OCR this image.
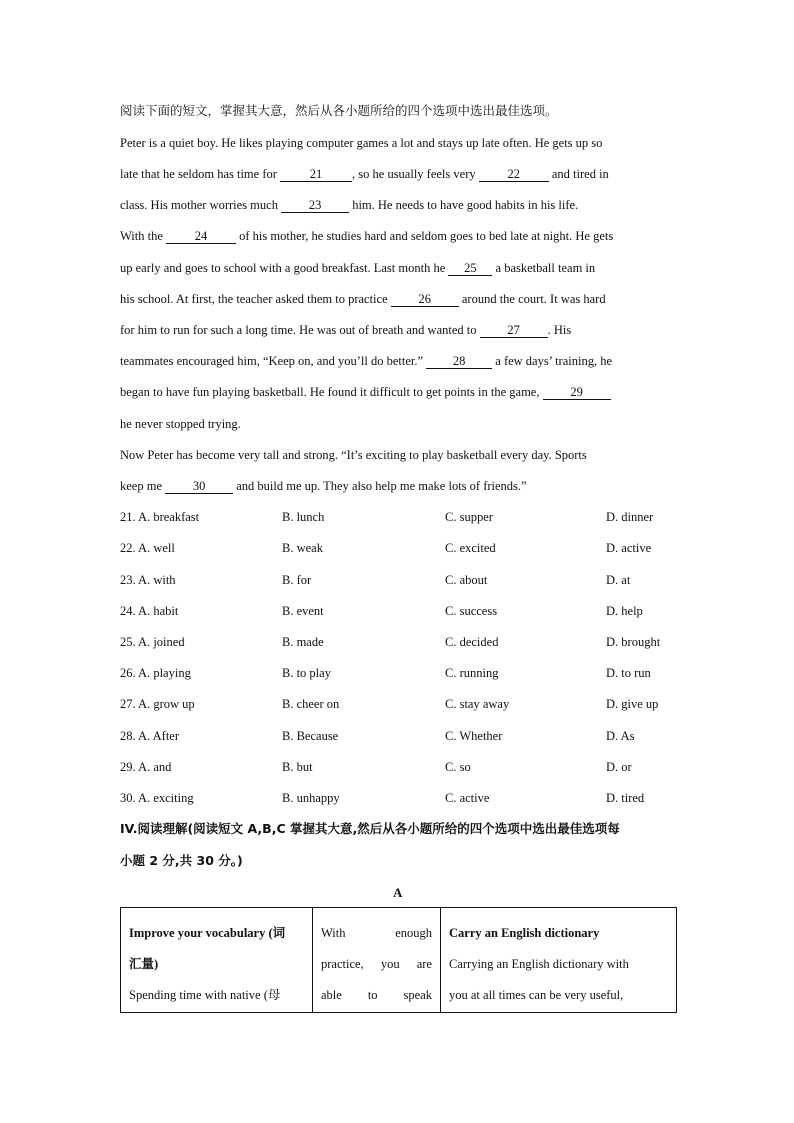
阅读下面的短文，掌握其大意，然后从各小题所给的四个选项中选出最佳选项。
Peter is a quiet boy. He likes playing computer games a lot and stays up late often. He gets up so
late that he seldom has time for 21 , so he usually feels very 22 and tired in
class. His mother worries much 23 him. He needs to have good habits in his life.
With the 24 of his mother, he studies hard and seldom goes to bed late at night. He gets
up early and goes to school with a good breakfast. Last month he 25 a basketball team in
his school. At first, the teacher asked them to practice 26 around the court. It was hard
for him to run for such a long time. He was out of breath and wanted to 27 . His
teammates encouraged him, “Keep on, and you’ll do better.” 28 a few days’ training, he
began to have fun playing basketball. He found it difficult to get points in the game, 29
he never stopped trying.
Now Peter has become very tall and strong. “It’s exciting to play basketball every day. Sports
keep me 30 and build me up. They also help me make lots of friends.”
21. A. breakfast	B. lunch	C. supper	D. dinner
22. A. well	B. weak	C. excited	D. active
23. A. with	B. for	C. about	D. at
24. A. habit	B. event	C. success	D. help
25. A. joined	B. made	C. decided	D. brought
26. A. playing	B. to play	C. running	D. to run
27. A. grow up	B. cheer on	C. stay away	D. give up
28. A. After	B. Because	C. Whether	D. As
29. A. and	B. but	C. so	D. or
30. A. exciting	B. unhappy	C. active	D. tired
IV.阅读理解(阅读短文 A,B,C 掌握其大意,然后从各小题所给的四个选项中选出最佳选项每
小题 2 分,共 30 分。)
A
Improve your vocabulary (词
汇量)
Spending time with native (母

With	enough
practice, you are
able to speak

Carry an English dictionary
Carrying an English dictionary with
you at all times can be very useful,
